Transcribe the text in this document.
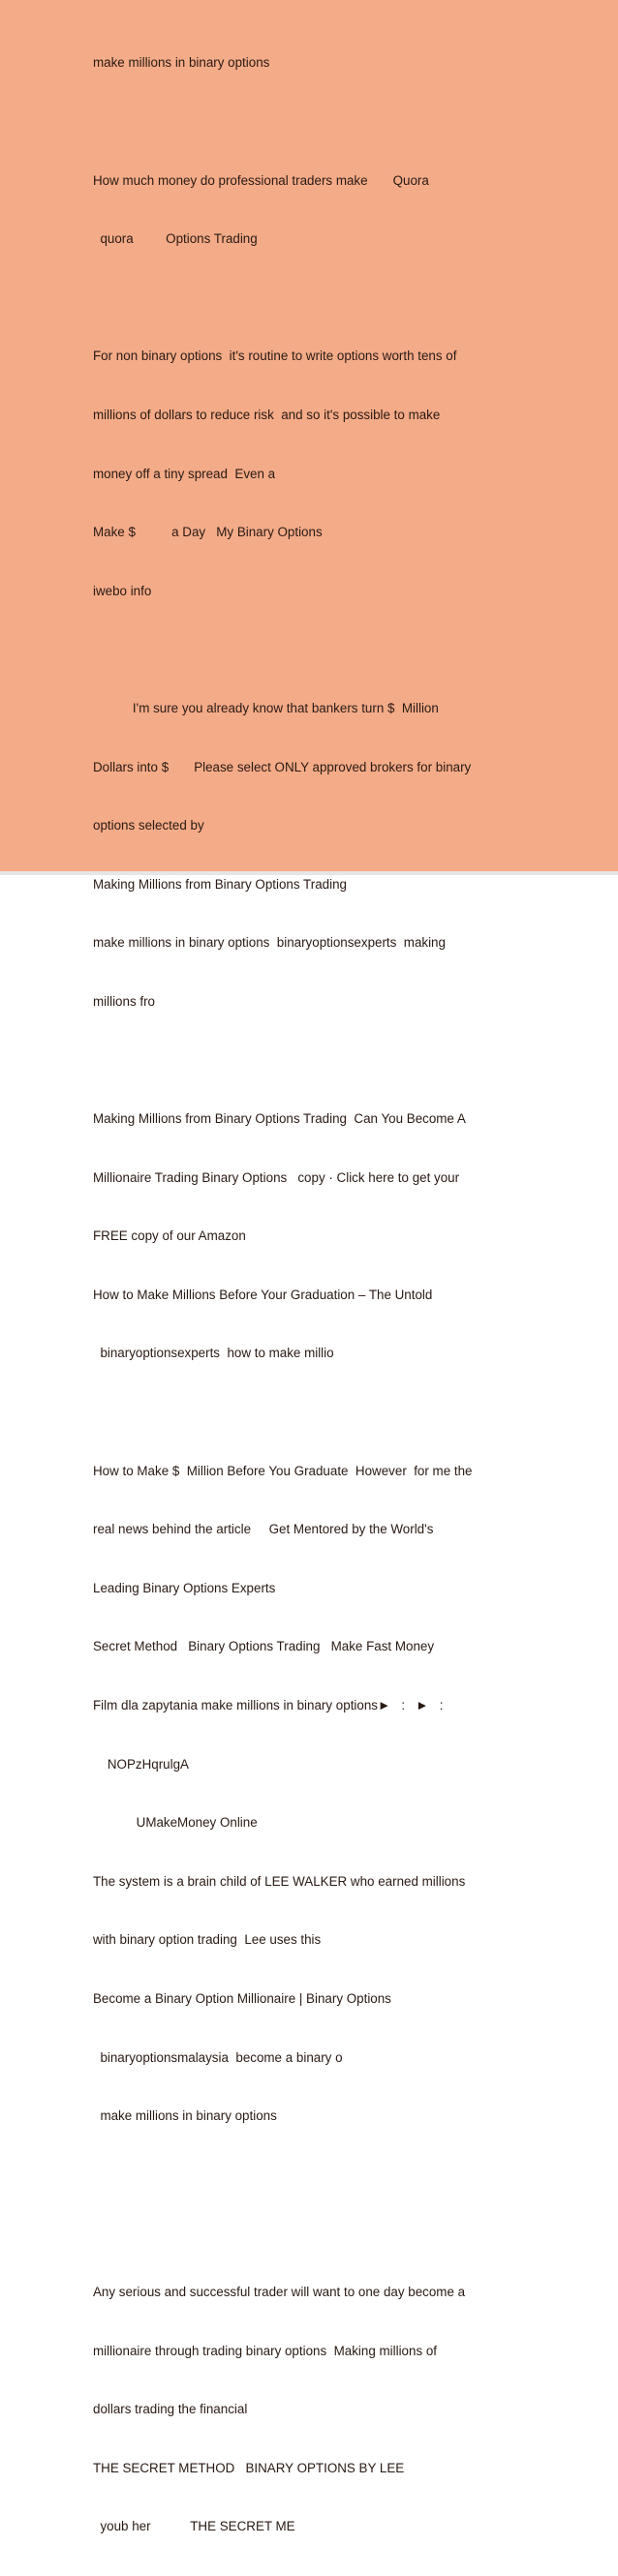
make millions in binary options

How much money do professional traders make       Quora

quora         Options Trading

For non binary options  it's routine to write options worth tens of

millions of dollars to reduce risk  and so it's possible to make

money off a tiny spread  Even a

Make $          a Day   My Binary Options

iwebo info

I'm sure you already know that bankers turn $  Million

Dollars into $       Please select ONLY approved brokers for binary

options selected by

Making Millions from Binary Options Trading

make millions in binary options  binaryoptionsexperts  making

millions fro

Making Millions from Binary Options Trading  Can You Become A

Millionaire Trading Binary Options   copy · Click here to get your

FREE copy of our Amazon

How to Make Millions Before Your Graduation – The Untold

binaryoptionsexperts  how to make millio

How to Make $  Million Before You Graduate  However  for me the

real news behind the article     Get Mentored by the World's

Leading Binary Options Experts

Secret Method   Binary Options Trading   Make Fast Money

Film dla zapytania make millions in binary options►   :   ►   :

NOPzHqrulgA

UMakeMoney Online

The system is a brain child of LEE WALKER who earned millions

with binary option trading  Lee uses this

Become a Binary Option Millionaire | Binary Options

binaryoptionsmalaysia  become a binary o

make millions in binary options

Any serious and successful trader will want to one day become a

millionaire through trading binary options  Making millions of

dollars trading the financial

THE SECRET METHOD   BINARY OPTIONS BY LEE

youb her           THE SECRET ME
